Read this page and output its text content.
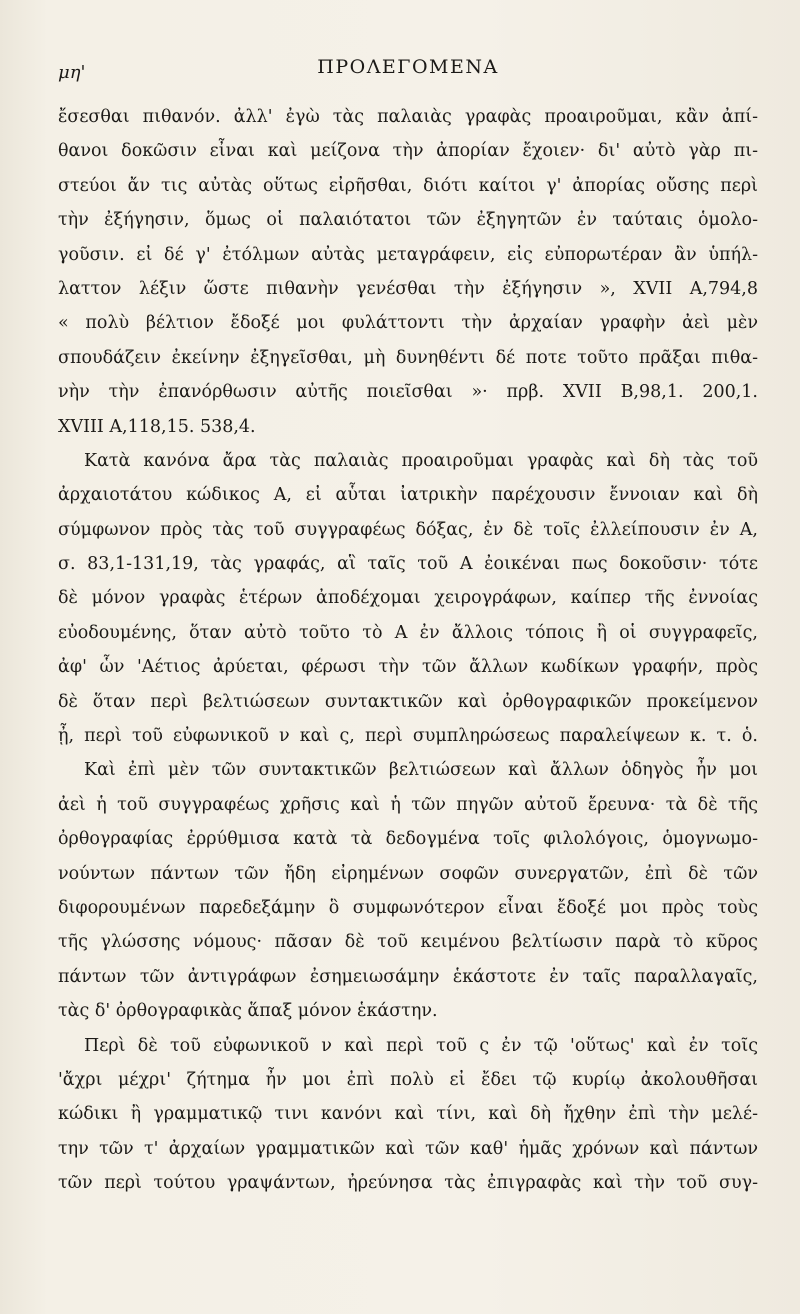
μη'	ΠΡΟΛΕΓΟΜΕΝΑ
ἔσεσθαι πιθανόν. ἀλλ' ἐγὼ τὰς παλαιὰς γραφὰς προαιροῦμαι, κἂν ἀπί-
θανοι δοκῶσιν εἶναι καὶ μείζονα τὴν ἀπορίαν ἔχοιεν· δι' αὐτὸ γὰρ πι-
στεύοι ἄν τις αὐτὰς οὕτως εἰρῆσθαι, διότι καίτοι γ' ἀπορίας οὔσης περὶ
τὴν ἐξήγησιν, ὅμως οἱ παλαιότατοι τῶν ἐξηγητῶν ἐν ταύταις ὁμολο-
γοῦσιν. εἰ δέ γ' ἐτόλμων αὐτὰς μεταγράφειν, εἰς εὐπορωτέραν ἂν ὑπήλ-
λαττον λέξιν ὥστε πιθανὴν γενέσθαι τὴν ἐξήγησιν », XVII A,794,8
« πολὺ βέλτιον ἔδοξέ μοι φυλάττοντι τὴν ἀρχαίαν γραφὴν ἀεὶ μὲν
σπουδάζειν ἐκείνην ἐξηγεῖσθαι, μὴ δυνηθέντι δέ ποτε τοῦτο πρᾶξαι πιθα-
νὴν τὴν ἐπανόρθωσιν αὐτῆς ποιεῖσθαι »· πρβ. XVII B,98,1. 200,1.
XVIII A,118,15. 538,4.
Κατὰ κανόνα ἄρα τὰς παλαιὰς προαιροῦμαι γραφὰς καὶ δὴ τὰς τοῦ
ἀρχαιοτάτου κώδικος A, εἰ αὗται ἰατρικὴν παρέχουσιν ἔννοιαν καὶ δὴ
σύμφωνον πρὸς τὰς τοῦ συγγραφέως δόξας, ἐν δὲ τοῖς ἐλλείπουσιν ἐν A,
σ. 83,1-131,19, τὰς γραφάς, αἳ ταῖς τοῦ A ἐοικέναι πως δοκοῦσιν· τότε
δὲ μόνον γραφὰς ἑτέρων ἀποδέχομαι χειρογράφων, καίπερ τῆς ἐννοίας
εὐοδουμένης, ὅταν αὐτὸ τοῦτο τὸ A ἐν ἄλλοις τόποις ἢ οἱ συγγραφεῖς,
ἀφ' ὧν 'Αέτιος ἀρύεται, φέρωσι τὴν τῶν ἄλλων κωδίκων γραφήν, πρὸς
δὲ ὅταν περὶ βελτιώσεων συντακτικῶν καὶ ὀρθογραφικῶν προκείμενον
ᾖ, περὶ τοῦ εὐφωνικοῦ ν καὶ ς, περὶ συμπληρώσεως παραλείψεων κ. τ. ὁ.
Καὶ ἐπὶ μὲν τῶν συντακτικῶν βελτιώσεων καὶ ἄλλων ὁδηγὸς ἦν μοι
ἀεὶ ἡ τοῦ συγγραφέως χρῆσις καὶ ἡ τῶν πηγῶν αὐτοῦ ἔρευνα· τὰ δὲ τῆς
ὀρθογραφίας ἐρρύθμισα κατὰ τὰ δεδογμένα τοῖς φιλολόγοις, ὁμογνωμο-
νούντων πάντων τῶν ἤδη εἰρημένων σοφῶν συνεργατῶν, ἐπὶ δὲ τῶν
διφορουμένων παρεδεξάμην ὃ συμφωνότερον εἶναι ἔδοξέ μοι πρὸς τοὺς
τῆς γλώσσης νόμους· πᾶσαν δὲ τοῦ κειμένου βελτίωσιν παρὰ τὸ κῦρος
πάντων τῶν ἀντιγράφων ἐσημειωσάμην ἑκάστοτε ἐν ταῖς παραλλαγαῖς,
τὰς δ' ὀρθογραφικὰς ἅπαξ μόνον ἑκάστην.
Περὶ δὲ τοῦ εὐφωνικοῦ ν καὶ περὶ τοῦ ς ἐν τῷ 'οὕτως' καὶ ἐν τοῖς
'ἄχρι μέχρι' ζήτημα ἦν μοι ἐπὶ πολὺ εἰ ἔδει τῷ κυρίῳ ἀκολουθῆσαι
κώδικι ἢ γραμματικῷ τινι κανόνι καὶ τίνι, καὶ δὴ ἤχθην ἐπὶ τὴν μελέ-
την τῶν τ' ἀρχαίων γραμματικῶν καὶ τῶν καθ' ἡμᾶς χρόνων καὶ πάντων
τῶν περὶ τούτου γραψάντων, ἠρεύνησα τὰς ἐπιγραφὰς καὶ τὴν τοῦ συγ-
